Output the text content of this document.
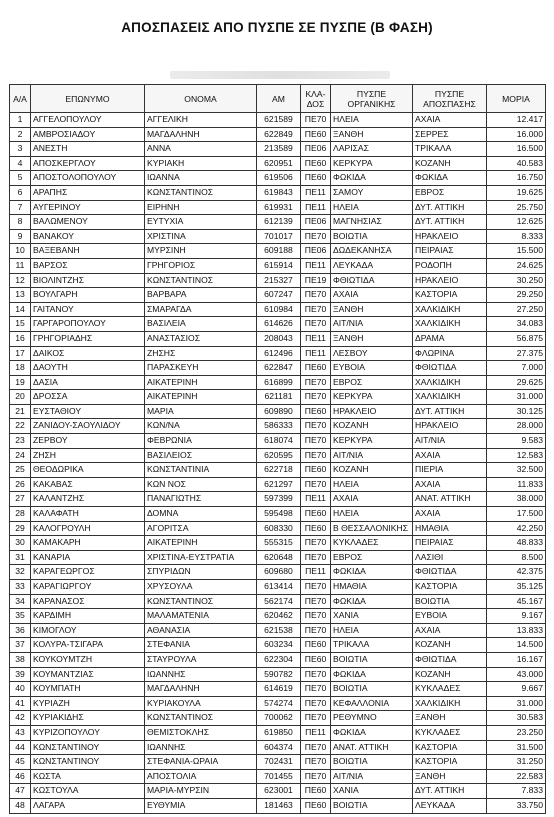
ΑΠΟΣΠΑΣΕΙΣ ΑΠΟ ΠΥΣΠΕ ΣΕ ΠΥΣΠΕ (Β ΦΑΣΗ)
Α/Α	ΕΠΩΝΥΜΟ	ΟΝΟΜΑ	ΑΜ	ΚΛΑ-ΔΟΣ	ΠΥΣΠΕ ΟΡΓΑΝΙΚΗΣ	ΠΥΣΠΕ ΑΠΟΣΠΑΣΗΣ	ΜΟΡΙΑ
1	ΑΓΓΕΛΟΠΟΥΛΟΥ	ΑΓΓΕΛΙΚΗ	621589	ΠΕ70	ΗΛΕΙΑ	ΑΧΑΙΑ	12.417
2	ΑΜΒΡΟΣΙΑΔΟΥ	ΜΑΓΔΑΛΗΝΗ	622849	ΠΕ60	ΞΑΝΘΗ	ΣΕΡΡΕΣ	16.000
3	ΑΝΕΣΤΗ	ΑΝΝΑ	213589	ΠΕ06	ΛΑΡΙΣΑΣ	ΤΡΙΚΑΛΑ	16.500
4	ΑΠΟΣΚΕΡΓΛΟΥ	ΚΥΡΙΑΚΗ	620951	ΠΕ60	ΚΕΡΚΥΡΑ	ΚΟΖΑΝΗ	40.583
5	ΑΠΟΣΤΟΛΟΠΟΥΛΟΥ	ΙΩΑΝΝΑ	619506	ΠΕ60	ΦΩΚΙΔΑ	ΦΩΚΙΔΑ	16.750
6	ΑΡΑΠΗΣ	ΚΩΝΣΤΑΝΤΙΝΟΣ	619843	ΠΕ11	ΣΑΜΟΥ	ΕΒΡΟΣ	19.625
7	ΑΥΓΕΡΙΝΟΥ	ΕΙΡΗΝΗ	619931	ΠΕ11	ΗΛΕΙΑ	ΔΥΤ. ΑΤΤΙΚΗ	25.750
8	ΒΑΛΩΜΕΝΟΥ	ΕΥΤΥΧΙΑ	612139	ΠΕ06	ΜΑΓΝΗΣΙΑΣ	ΔΥΤ. ΑΤΤΙΚΗ	12.625
9	ΒΑΝΑΚΟΥ	ΧΡΙΣΤΙΝΑ	701017	ΠΕ70	ΒΟΙΩΤΙΑ	ΗΡΑΚΛΕΙΟ	8.333
10	ΒΑΞΕΒΑΝΗ	ΜΥΡΣΙΝΗ	609188	ΠΕ06	ΔΩΔΕΚΑΝΗΣΑ	ΠΕΙΡΑΙΑΣ	15.500
11	ΒΑΡΣΟΣ	ΓΡΗΓΟΡΙΟΣ	615914	ΠΕ11	ΛΕΥΚΑΔΑ	ΡΟΔΟΠΗ	24.625
12	ΒΙΟΛΙΝΤΖΗΣ	ΚΩΝΣΤΑΝΤΙΝΟΣ	215327	ΠΕ19	ΦΘΙΩΤΙΔΑ	ΗΡΑΚΛΕΙΟ	30.250
13	ΒΟΥΛΓΑΡΗ	ΒΑΡΒΑΡΑ	607247	ΠΕ70	ΑΧΑΙΑ	ΚΑΣΤΟΡΙΑ	29.250
14	ΓΑΙΤΑΝΟΥ	ΣΜΑΡΑΓΔΑ	610984	ΠΕ70	ΞΑΝΘΗ	ΧΑΛΚΙΔΙΚΗ	27.250
15	ΓΑΡΓΑΡΟΠΟΥΛΟΥ	ΒΑΣΙΛΕΙΑ	614626	ΠΕ70	ΑΙΤ/ΝΙΑ	ΧΑΛΚΙΔΙΚΗ	34.083
16	ΓΡΗΓΟΡΙΑΔΗΣ	ΑΝΑΣΤΑΣΙΟΣ	208043	ΠΕ11	ΞΑΝΘΗ	ΔΡΑΜΑ	56.875
17	ΔΑΙΚΟΣ	ΖΗΣΗΣ	612496	ΠΕ11	ΛΕΣΒΟΥ	ΦΛΩΡΙΝΑ	27.375
18	ΔΑΟΥΤΗ	ΠΑΡΑΣΚΕΥΗ	622847	ΠΕ60	ΕΥΒΟΙΑ	ΦΘΙΩΤΙΔΑ	7.000
19	ΔΑΣΙΑ	ΑΙΚΑΤΕΡΙΝΗ	616899	ΠΕ70	ΕΒΡΟΣ	ΧΑΛΚΙΔΙΚΗ	29.625
20	ΔΡΟΣΣΑ	ΑΙΚΑΤΕΡΙΝΗ	621181	ΠΕ70	ΚΕΡΚΥΡΑ	ΧΑΛΚΙΔΙΚΗ	31.000
21	ΕΥΣΤΑΘΙΟΥ	ΜΑΡΙΑ	609890	ΠΕ60	ΗΡΑΚΛΕΙΟ	ΔΥΤ. ΑΤΤΙΚΗ	30.125
22	ΖΑΝΙΔΟΥ-ΣΑΟΥΛΙΔΟΥ	ΚΩΝ/ΝΑ	586333	ΠΕ70	ΚΟΖΑΝΗ	ΗΡΑΚΛΕΙΟ	28.000
23	ΖΕΡΒΟΥ	ΦΕΒΡΩΝΙΑ	618074	ΠΕ70	ΚΕΡΚΥΡΑ	ΑΙΤ/ΝΙΑ	9.583
24	ΖΗΣΗ	ΒΑΣΙΛΕΙΟΣ	620595	ΠΕ70	ΑΙΤ/ΝΙΑ	ΑΧΑΙΑ	12.583
25	ΘΕΟΔΩΡΙΚΑ	ΚΩΝΣΤΑΝΤΙΝΙΑ	622718	ΠΕ60	ΚΟΖΑΝΗ	ΠΙΕΡΙΑ	32.500
26	ΚΑΚΑΒΑΣ	ΚΩΝ ΝΟΣ	621297	ΠΕ70	ΗΛΕΙΑ	ΑΧΑΙΑ	11.833
27	ΚΑΛΑΝΤΖΗΣ	ΠΑΝΑΓΙΩΤΗΣ	597399	ΠΕ11	ΑΧΑΙΑ	ΑΝΑΤ. ΑΤΤΙΚΗ	38.000
28	ΚΑΛΑΦΑΤΗ	ΔΟΜΝΑ	595498	ΠΕ60	ΗΛΕΙΑ	ΑΧΑΙΑ	17.500
29	ΚΑΛΟΓΡΟΥΛΗ	ΑΓΟΡΙΤΣΑ	608330	ΠΕ60	Β ΘΕΣΣΑΛΟΝΙΚΗΣ	ΗΜΑΘΙΑ	42.250
30	ΚΑΜΑΚΑΡΗ	ΑΙΚΑΤΕΡΙΝΗ	555315	ΠΕ70	ΚΥΚΛΑΔΕΣ	ΠΕΙΡΑΙΑΣ	48.833
31	ΚΑΝΑΡΙΑ	ΧΡΙΣΤΙΝΑ-ΕΥΣΤΡΑΤΙΑ	620648	ΠΕ70	ΕΒΡΟΣ	ΛΑΣΙΘΙ	8.500
32	ΚΑΡΑΓΕΩΡΓΟΣ	ΣΠΥΡΙΔΩΝ	609680	ΠΕ11	ΦΩΚΙΔΑ	ΦΘΙΩΤΙΔΑ	42.375
33	ΚΑΡΑΓΙΩΡΓΟΥ	ΧΡΥΣΟΥΛΑ	613414	ΠΕ70	ΗΜΑΘΙΑ	ΚΑΣΤΟΡΙΑ	35.125
34	ΚΑΡΑΝΑΣΟΣ	ΚΩΝΣΤΑΝΤΙΝΟΣ	562174	ΠΕ70	ΦΩΚΙΔΑ	ΒΟΙΩΤΙΑ	45.167
35	ΚΑΡΔΙΜΗ	ΜΑΛΑΜΑΤΕΝΙΑ	620462	ΠΕ70	ΧΑΝΙΑ	ΕΥΒΟΙΑ	9.167
36	ΚΙΜΟΓΛΟΥ	ΑΘΑΝΑΣΙΑ	621538	ΠΕ70	ΗΛΕΙΑ	ΑΧΑΙΑ	13.833
37	ΚΟΛΥΡΑ-ΤΣΙΓΑΡΑ	ΣΤΕΦΑΝΙΑ	603234	ΠΕ60	ΤΡΙΚΑΛΑ	ΚΟΖΑΝΗ	14.500
38	ΚΟΥΚΟΥΜΤΖΗ	ΣΤΑΥΡΟΥΛΑ	622304	ΠΕ60	ΒΟΙΩΤΙΑ	ΦΘΙΩΤΙΔΑ	16.167
39	ΚΟΥΜΑΝΤΖΙΑΣ	ΙΩΑΝΝΗΣ	590782	ΠΕ70	ΦΩΚΙΔΑ	ΚΟΖΑΝΗ	43.000
40	ΚΟΥΜΠΑΤΗ	ΜΑΓΔΑΛΗΝΗ	614619	ΠΕ70	ΒΟΙΩΤΙΑ	ΚΥΚΛΑΔΕΣ	9.667
41	ΚΥΡΙΑΖΗ	ΚΥΡΙΑΚΟΥΛΑ	574274	ΠΕ70	ΚΕΦΑΛΛΟΝΙΑ	ΧΑΛΚΙΔΙΚΗ	31.000
42	ΚΥΡΙΑΚΙΔΗΣ	ΚΩΝΣΤΑΝΤΙΝΟΣ	700062	ΠΕ70	ΡΕΘΥΜΝΟ	ΞΑΝΘΗ	30.583
43	ΚΥΡΙΖΟΠΟΥΛΟΥ	ΘΕΜΙΣΤΟΚΛΗΣ	619850	ΠΕ11	ΦΩΚΙΔΑ	ΚΥΚΛΑΔΕΣ	23.250
44	ΚΩΝΣΤΑΝΤΙΝΟΥ	ΙΩΑΝΝΗΣ	604374	ΠΕ70	ΑΝΑΤ. ΑΤΤΙΚΗ	ΚΑΣΤΟΡΙΑ	31.500
45	ΚΩΝΣΤΑΝΤΙΝΟΥ	ΣΤΕΦΑΝΙΑ-ΩΡΑΙΑ	702431	ΠΕ70	ΒΟΙΩΤΙΑ	ΚΑΣΤΟΡΙΑ	31.250
46	ΚΩΣΤΑ	ΑΠΟΣΤΟΛΙΑ	701455	ΠΕ70	ΑΙΤ/ΝΙΑ	ΞΑΝΘΗ	22.583
47	ΚΩΣΤΟΥΛΑ	ΜΑΡΙΑ-ΜΥΡΣΙΝ	623001	ΠΕ60	ΧΑΝΙΑ	ΔΥΤ. ΑΤΤΙΚΗ	7.833
48	ΛΑΓΑΡΑ	ΕΥΘΥΜΙΑ	181463	ΠΕ60	ΒΟΙΩΤΙΑ	ΛΕΥΚΑΔΑ	33.750
